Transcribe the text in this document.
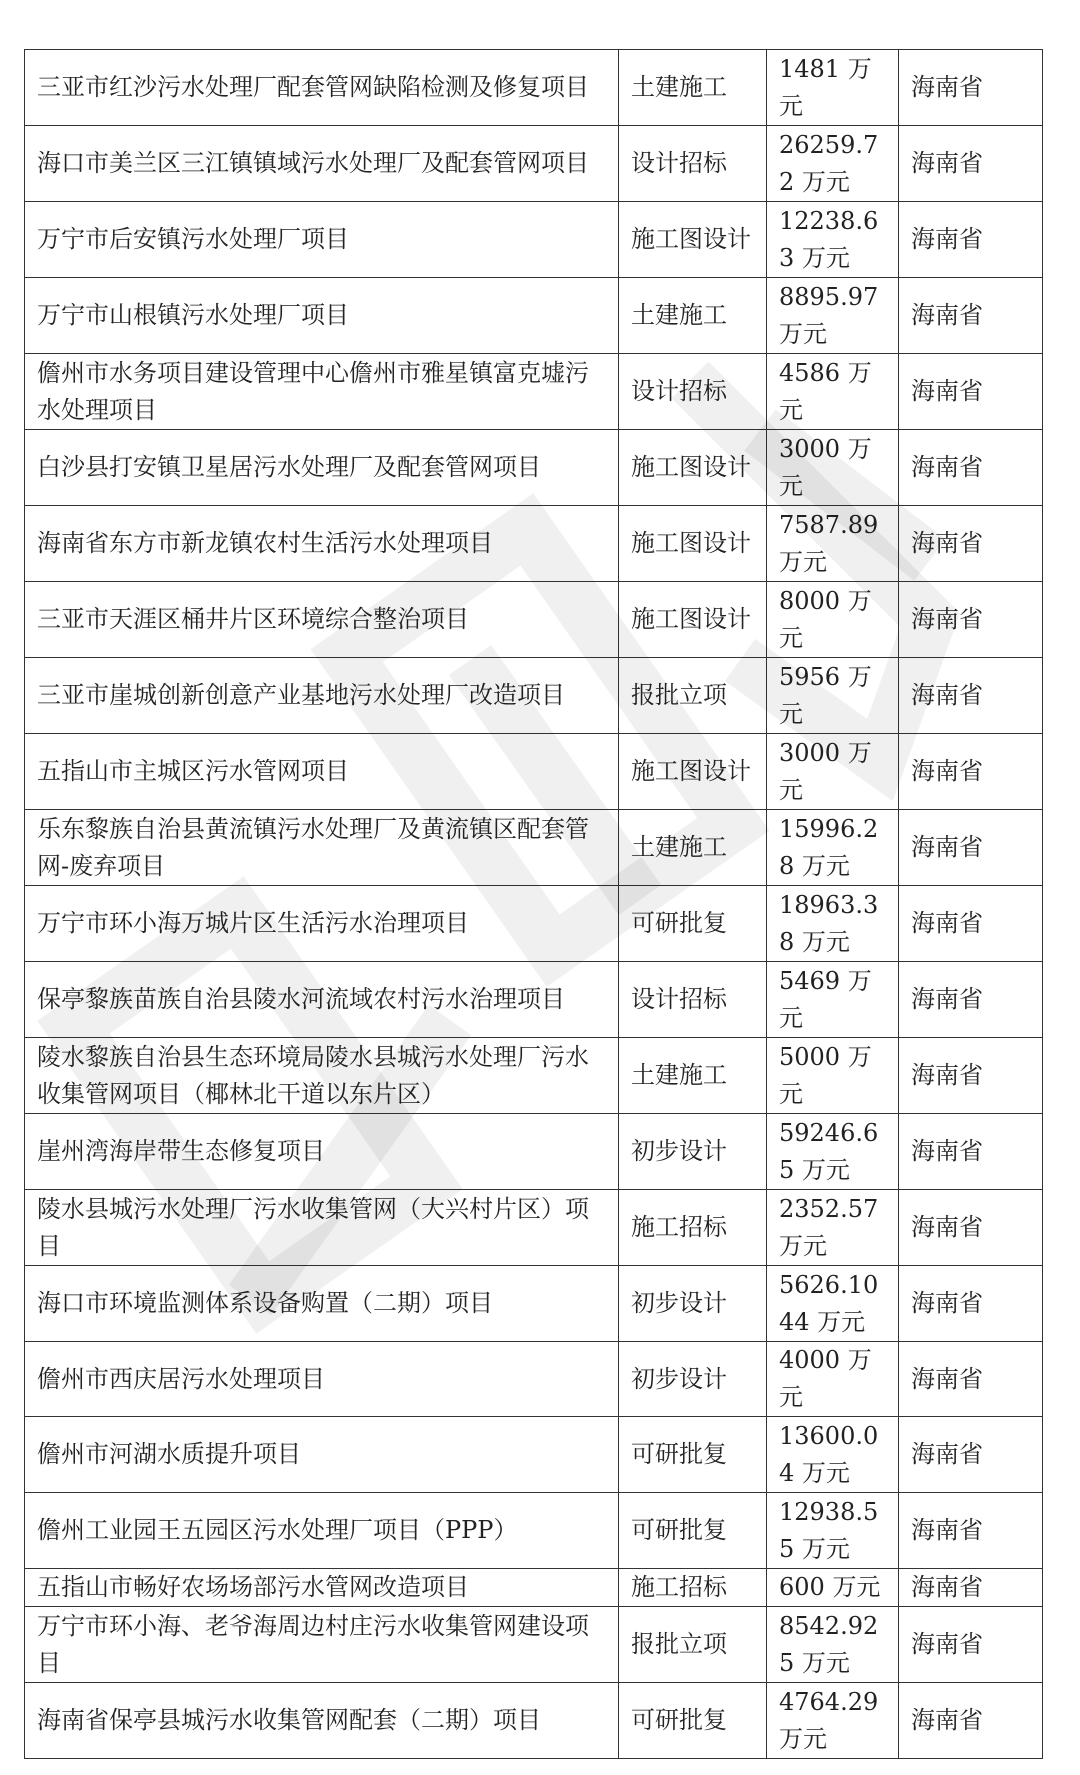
三亚市红沙污水处理厂配套管网缺陷检测及修复项目	土建施工	1481 万元	海南省
海口市美兰区三江镇镇域污水处理厂及配套管网项目	设计招标	26259.72 万元	海南省
万宁市后安镇污水处理厂项目	施工图设计	12238.63 万元	海南省
万宁市山根镇污水处理厂项目	土建施工	8895.97 万元	海南省
儋州市水务项目建设管理中心儋州市雅星镇富克墟污水处理项目	设计招标	4586 万元	海南省
白沙县打安镇卫星居污水处理厂及配套管网项目	施工图设计	3000 万元	海南省
海南省东方市新龙镇农村生活污水处理项目	施工图设计	7587.89 万元	海南省
三亚市天涯区桶井片区环境综合整治项目	施工图设计	8000 万元	海南省
三亚市崖城创新创意产业基地污水处理厂改造项目	报批立项	5956 万元	海南省
五指山市主城区污水管网项目	施工图设计	3000 万元	海南省
乐东黎族自治县黄流镇污水处理厂及黄流镇区配套管网-废弃项目	土建施工	15996.28 万元	海南省
万宁市环小海万城片区生活污水治理项目	可研批复	18963.38 万元	海南省
保亭黎族苗族自治县陵水河流域农村污水治理项目	设计招标	5469 万元	海南省
陵水黎族自治县生态环境局陵水县城污水处理厂污水收集管网项目（椰林北干道以东片区）	土建施工	5000 万元	海南省
崖州湾海岸带生态修复项目	初步设计	59246.65 万元	海南省
陵水县城污水处理厂污水收集管网（大兴村片区）项目	施工招标	2352.57 万元	海南省
海口市环境监测体系设备购置（二期）项目	初步设计	5626.1044 万元	海南省
儋州市西庆居污水处理项目	初步设计	4000 万元	海南省
儋州市河湖水质提升项目	可研批复	13600.04 万元	海南省
儋州工业园王五园区污水处理厂项目（PPP）	可研批复	12938.55 万元	海南省
五指山市畅好农场场部污水管网改造项目	施工招标	600 万元	海南省
万宁市环小海、老爷海周边村庄污水收集管网建设项目	报批立项	8542.925 万元	海南省
海南省保亭县城污水收集管网配套（二期）项目	可研批复	4764.29 万元	海南省
